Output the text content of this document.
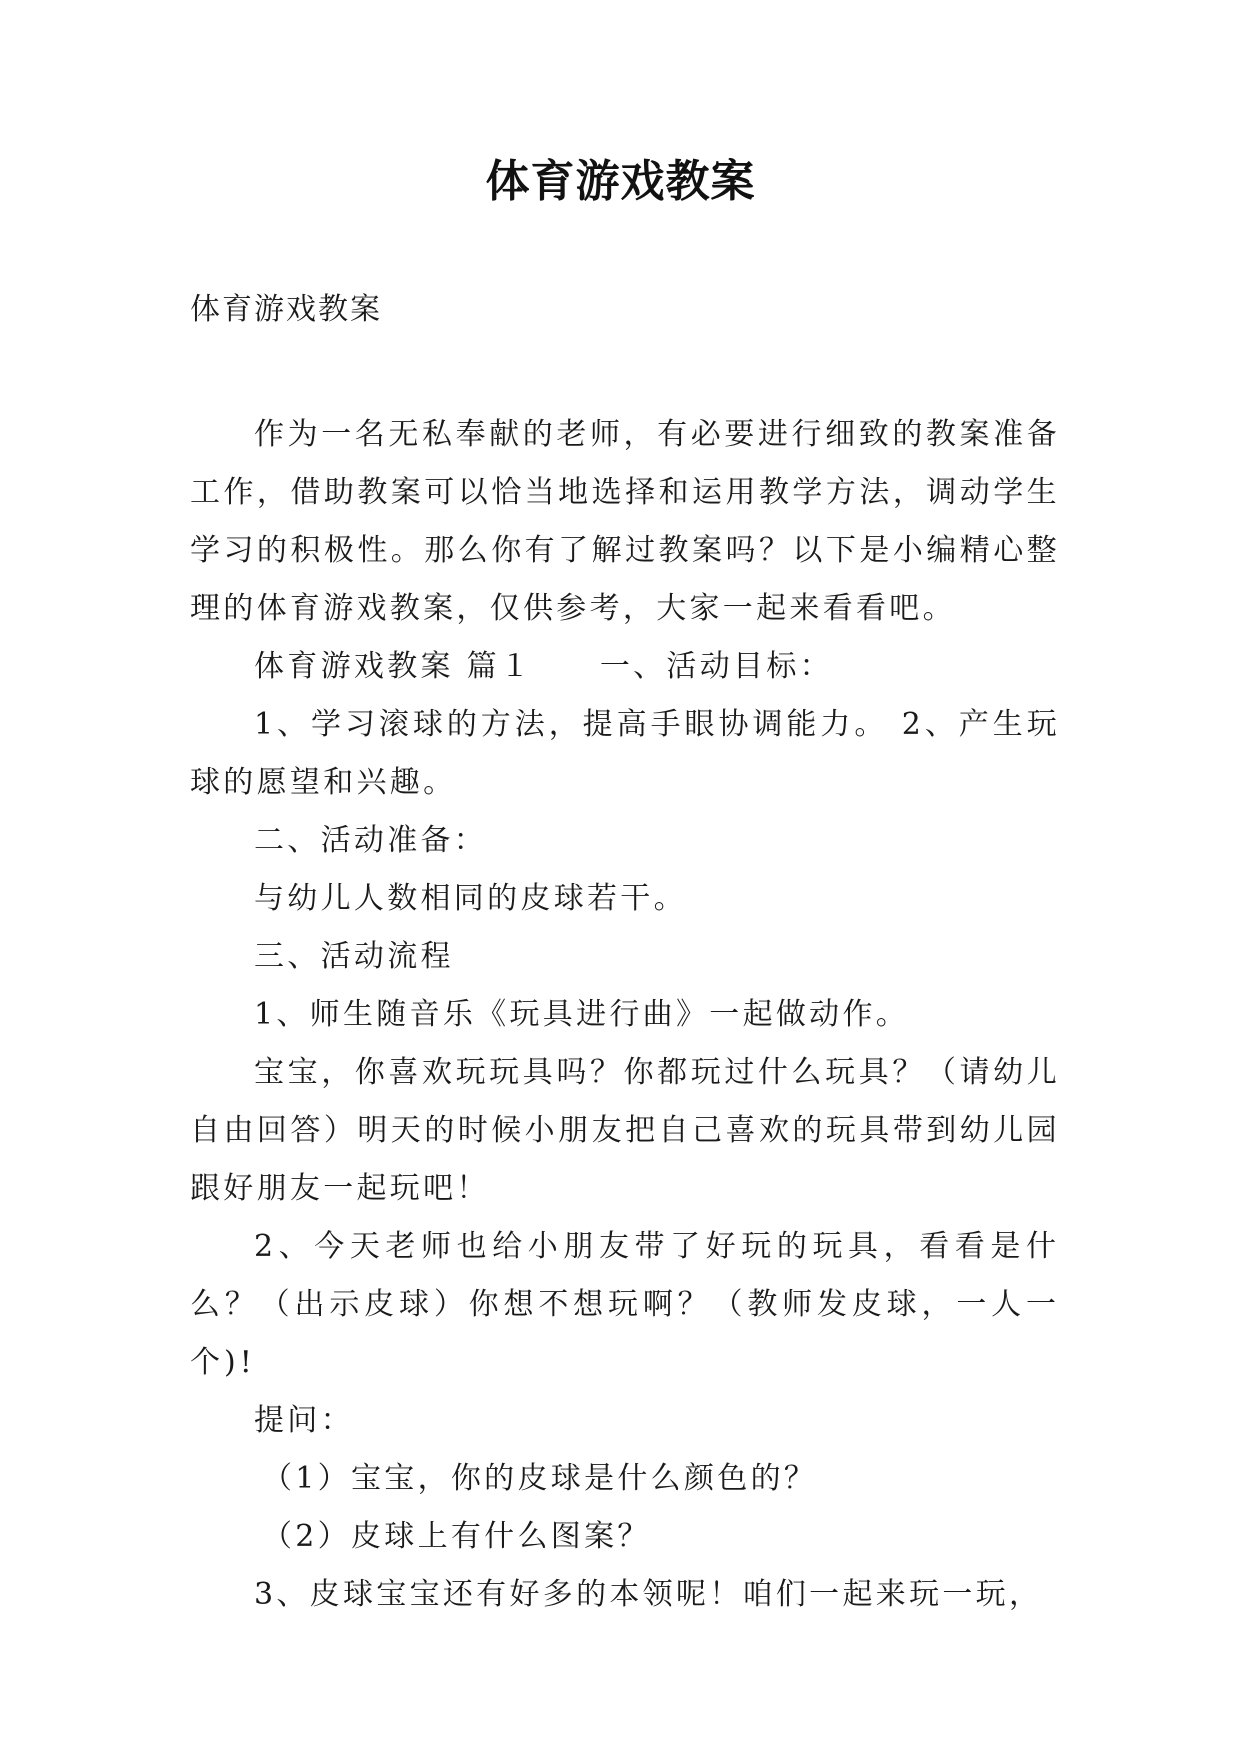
体育游戏教案
体育游戏教案

作为一名无私奉献的老师，有必要进行细致的教案准备工作，借助教案可以恰当地选择和运用教学方法，调动学生学习的积极性。那么你有了解过教案吗？以下是小编精心整理的体育游戏教案，仅供参考，大家一起来看看吧。

体育游戏教案 篇１　　一、活动目标：

1、学习滚球的方法，提高手眼协调能力。 2、产生玩球的愿望和兴趣。

二、活动准备：

与幼儿人数相同的皮球若干。

三、活动流程

1、师生随音乐《玩具进行曲》一起做动作。

宝宝，你喜欢玩玩具吗？你都玩过什么玩具？（请幼儿自由回答）明天的时候小朋友把自己喜欢的玩具带到幼儿园跟好朋友一起玩吧！

2、今天老师也给小朋友带了好玩的玩具，看看是什么？（出示皮球）你想不想玩啊？（教师发皮球，一人一个)!

提问：

（1）宝宝，你的皮球是什么颜色的？

（2）皮球上有什么图案？

3、皮球宝宝还有好多的本领呢！咱们一起来玩一玩，
